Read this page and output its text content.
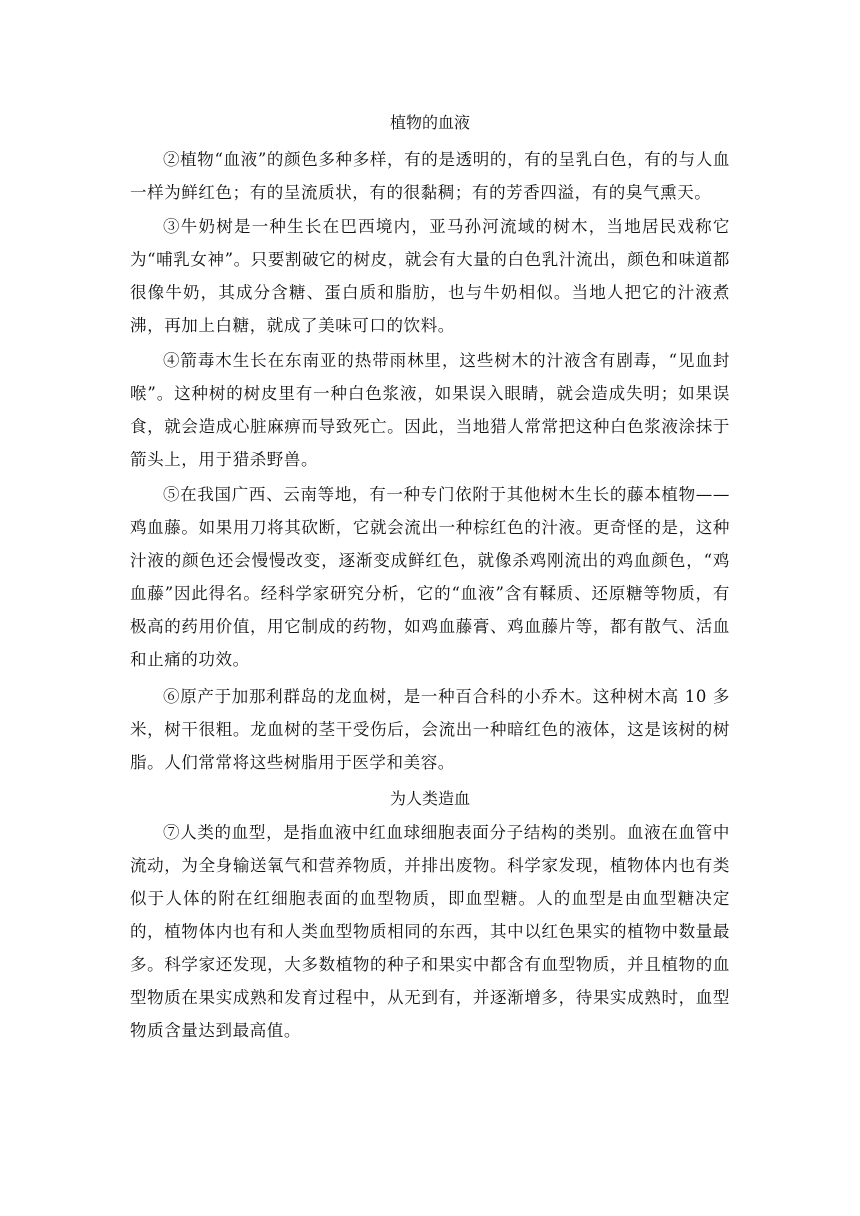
植物的血液
②植物“血液”的颜色多种多样，有的是透明的，有的呈乳白色，有的与人血一样为鲜红色；有的呈流质状，有的很黏稠；有的芳香四溢，有的臭气熏天。
③牛奶树是一种生长在巴西境内，亚马孙河流域的树木，当地居民戏称它为“哺乳女神”。只要割破它的树皮，就会有大量的白色乳汁流出，颜色和味道都很像牛奶，其成分含糖、蛋白质和脂肪，也与牛奶相似。当地人把它的汁液煮沸，再加上白糖，就成了美味可口的饮料。
④箭毒木生长在东南亚的热带雨林里，这些树木的汁液含有剧毒，“见血封喉”。这种树的树皮里有一种白色浆液，如果误入眼睛，就会造成失明；如果误食，就会造成心脏麻痹而导致死亡。因此，当地猎人常常把这种白色浆液涂抹于箭头上，用于猎杀野兽。
⑤在我国广西、云南等地，有一种专门依附于其他树木生长的藤本植物——鸡血藤。如果用刀将其砍断，它就会流出一种棕红色的汁液。更奇怪的是，这种汁液的颜色还会慢慢改变，逐渐变成鲜红色，就像杀鸡刚流出的鸡血颜色，“鸡血藤”因此得名。经科学家研究分析，它的“血液”含有鞣质、还原糖等物质，有极高的药用价值，用它制成的药物，如鸡血藤膏、鸡血藤片等，都有散气、活血和止痛的功效。
⑥原产于加那利群岛的龙血树，是一种百合科的小乔木。这种树木高 10 多米，树干很粗。龙血树的茎干受伤后，会流出一种暗红色的液体，这是该树的树脂。人们常常将这些树脂用于医学和美容。
为人类造血
⑦人类的血型，是指血液中红血球细胞表面分子结构的类别。血液在血管中流动，为全身输送氧气和营养物质，并排出废物。科学家发现，植物体内也有类似于人体的附在红细胞表面的血型物质，即血型糖。人的血型是由血型糖决定的，植物体内也有和人类血型物质相同的东西，其中以红色果实的植物中数量最多。科学家还发现，大多数植物的种子和果实中都含有血型物质，并且植物的血型物质在果实成熟和发育过程中，从无到有，并逐渐增多，待果实成熟时，血型物质含量达到最高值。
